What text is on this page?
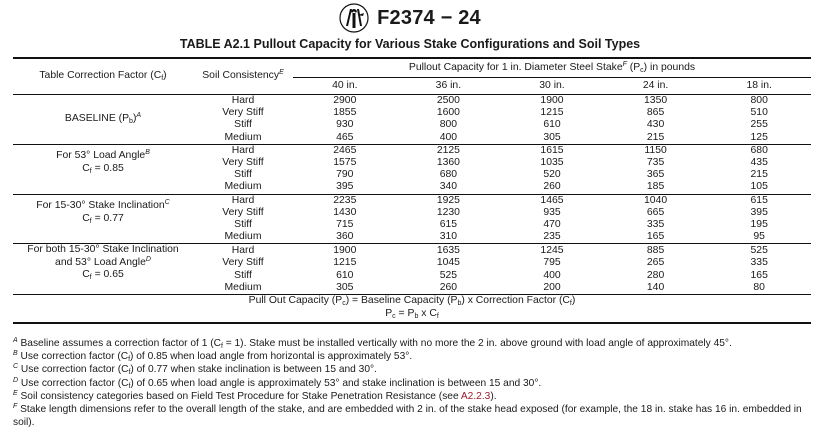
F2374 − 24
TABLE A2.1 Pullout Capacity for Various Stake Configurations and Soil Types
Table Correction Factor $(C_f)$	Soil Consistency$^E$	Pullout Capacity for 1 in. Diameter Steel Stake$^F$ $(P_c)$ in pounds				
		40 in.	36 in.	30 in.	24 in.	18 in.
BASELINE $(P_b)^A$	Hard	2900	2500	1900	1350	800
	Very Stiff	1855	1600	1215	865	510
	Stiff	930	800	610	430	255
	Medium	465	400	305	215	125
For 53° Load Angle$^B$
$C_f = 0.85$	Hard	2465	2125	1615	1150	680
	Very Stiff	1575	1360	1035	735	435
	Stiff	790	680	520	365	215
	Medium	395	340	260	185	105
For 15-30° Stake Inclination$^C$
$C_f = 0.77$	Hard	2235	1925	1465	1040	615
	Very Stiff	1430	1230	935	665	395
	Stiff	715	615	470	335	195
	Medium	360	310	235	165	95
For both 15-30° Stake Inclination
and 53° Load Angle$^D$
$C_f = 0.65$	Hard	1900	1635	1245	885	525
	Very Stiff	1215	1045	795	265	335
	Stiff	610	525	400	280	165
	Medium	305	260	200	140	80
Pull Out Capacity $(P_c)$ = Baseline Capacity $(P_b)$ x Correction Factor $(C_f)$						
$P_c = P_b$ x $C_f$

$^A$ Baseline assumes a correction factor of 1 $(C_f = 1)$. Stake must be installed vertically with no more the 2 in. above ground with load angle of approximately 45°.

$^B$ Use correction factor $(C_f)$ of 0.85 when load angle from horizontal is approximately 53°.

$^C$ Use correction factor $(C_f)$ of 0.77 when stake inclination is between 15 and 30°.

$^D$ Use correction factor $(C_f)$ of 0.65 when load angle is approximately 53° and stake inclination is between 15 and 30°.

$^E$ Soil consistency categories based on Field Test Procedure for Stake Penetration Resistance (see A2.2.3).

$^F$ Stake length dimensions refer to the overall length of the stake, and are embedded with 2 in. of the stake head exposed (for example, the 18 in. stake has 16 in. embedded in soil).
